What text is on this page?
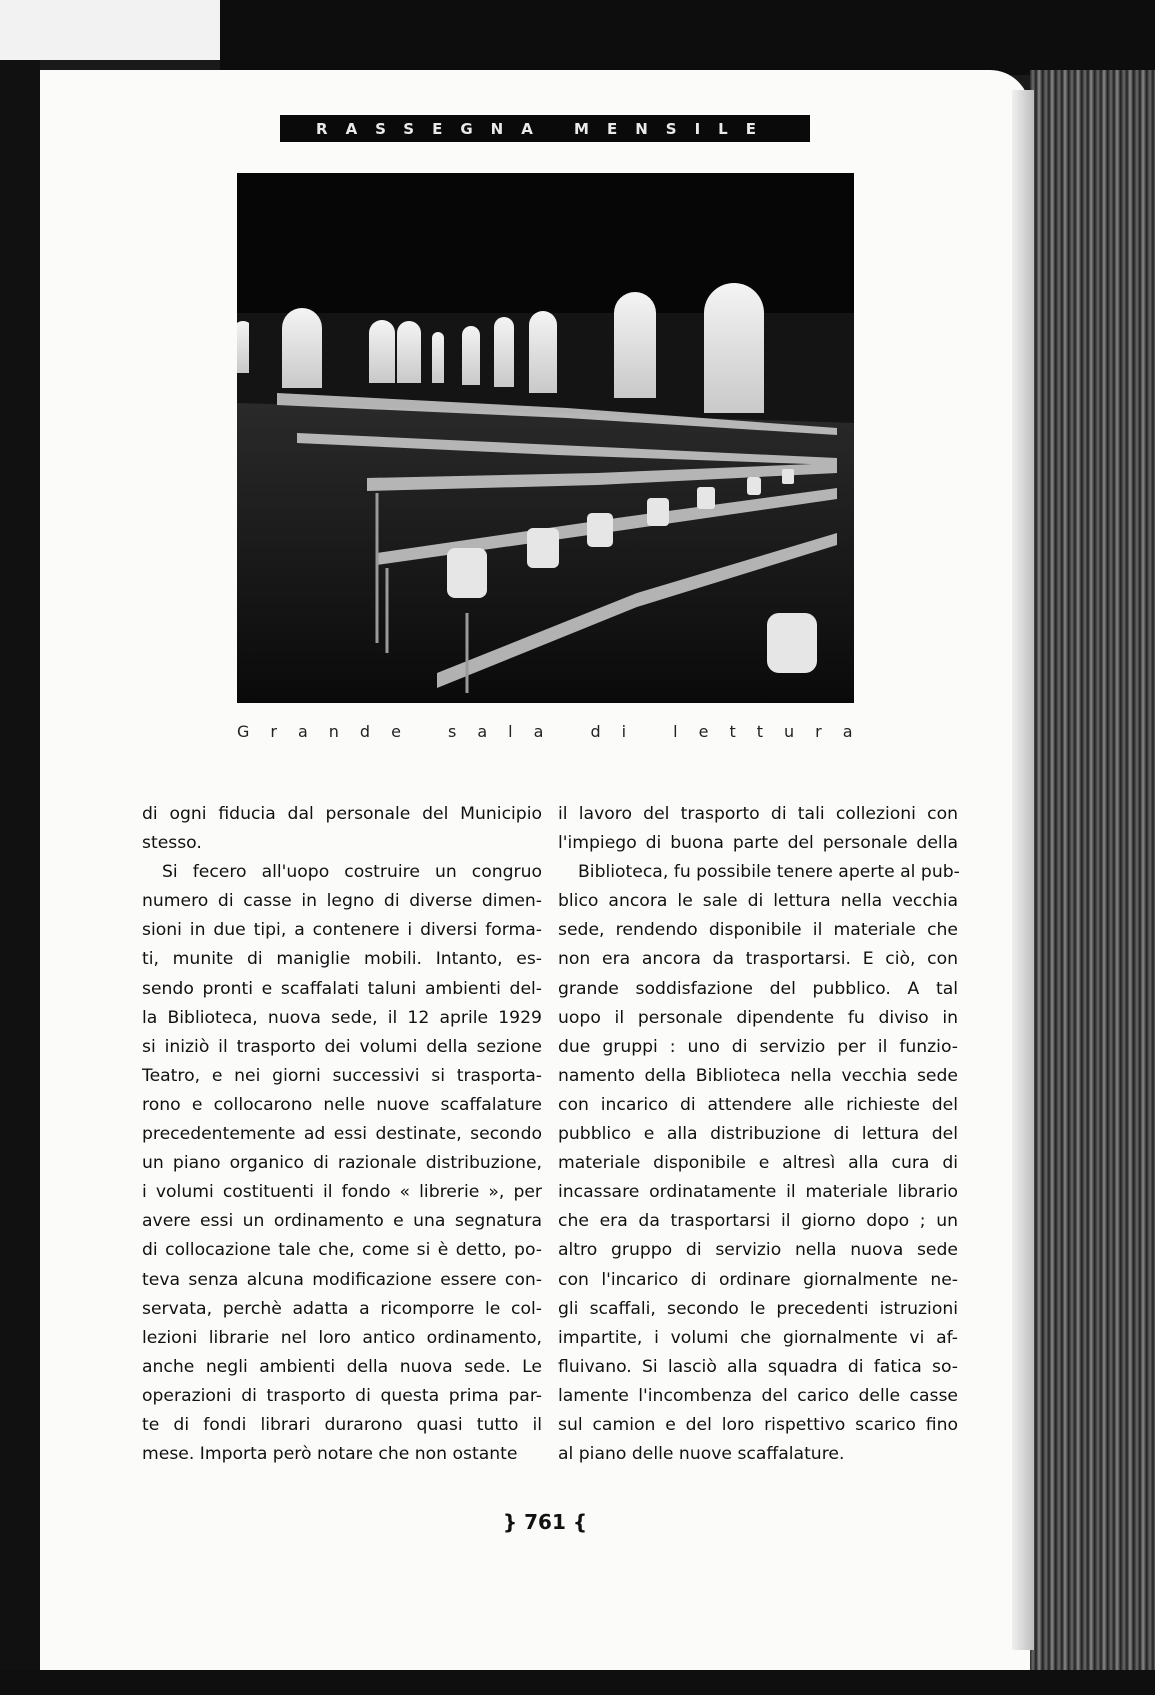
RASSEGNA MENSILE
Grande sala di lettura
di ogni fiducia dal personale del Municipio
stesso.
Si fecero all'uopo costruire un congruo
numero di casse in legno di diverse dimen-
sioni in due tipi, a contenere i diversi forma-
ti, munite di maniglie mobili. Intanto, es-
sendo pronti e scaffalati taluni ambienti del-
la Biblioteca, nuova sede, il 12 aprile 1929
si iniziò il trasporto dei volumi della sezione
Teatro, e nei giorni successivi si trasporta-
rono e collocarono nelle nuove scaffalature
precedentemente ad essi destinate, secondo
un piano organico di razionale distribuzione,
i volumi costituenti il fondo « librerie », per
avere essi un ordinamento e una segnatura
di collocazione tale che, come si è detto, po-
teva senza alcuna modificazione essere con-
servata, perchè adatta a ricomporre le col-
lezioni librarie nel loro antico ordinamento,
anche negli ambienti della nuova sede. Le
operazioni di trasporto di questa prima par-
te di fondi librari durarono quasi tutto il
mese. Importa però notare che non ostante
il lavoro del trasporto di tali collezioni con
l'impiego di buona parte del personale della
Biblioteca, fu possibile tenere aperte al pub-
blico ancora le sale di lettura nella vecchia
sede, rendendo disponibile il materiale che
non era ancora da trasportarsi. E ciò, con
grande soddisfazione del pubblico. A tal
uopo il personale dipendente fu diviso in
due gruppi : uno di servizio per il funzio-
namento della Biblioteca nella vecchia sede
con incarico di attendere alle richieste del
pubblico e alla distribuzione di lettura del
materiale disponibile e altresì alla cura di
incassare ordinatamente il materiale librario
che era da trasportarsi il giorno dopo ; un
altro gruppo di servizio nella nuova sede
con l'incarico di ordinare giornalmente ne-
gli scaffali, secondo le precedenti istruzioni
impartite, i volumi che giornalmente vi af-
fluivano. Si lasciò alla squadra di fatica so-
lamente l'incombenza del carico delle casse
sul camion e del loro rispettivo scarico fino
al piano delle nuove scaffalature.
} 761 {
